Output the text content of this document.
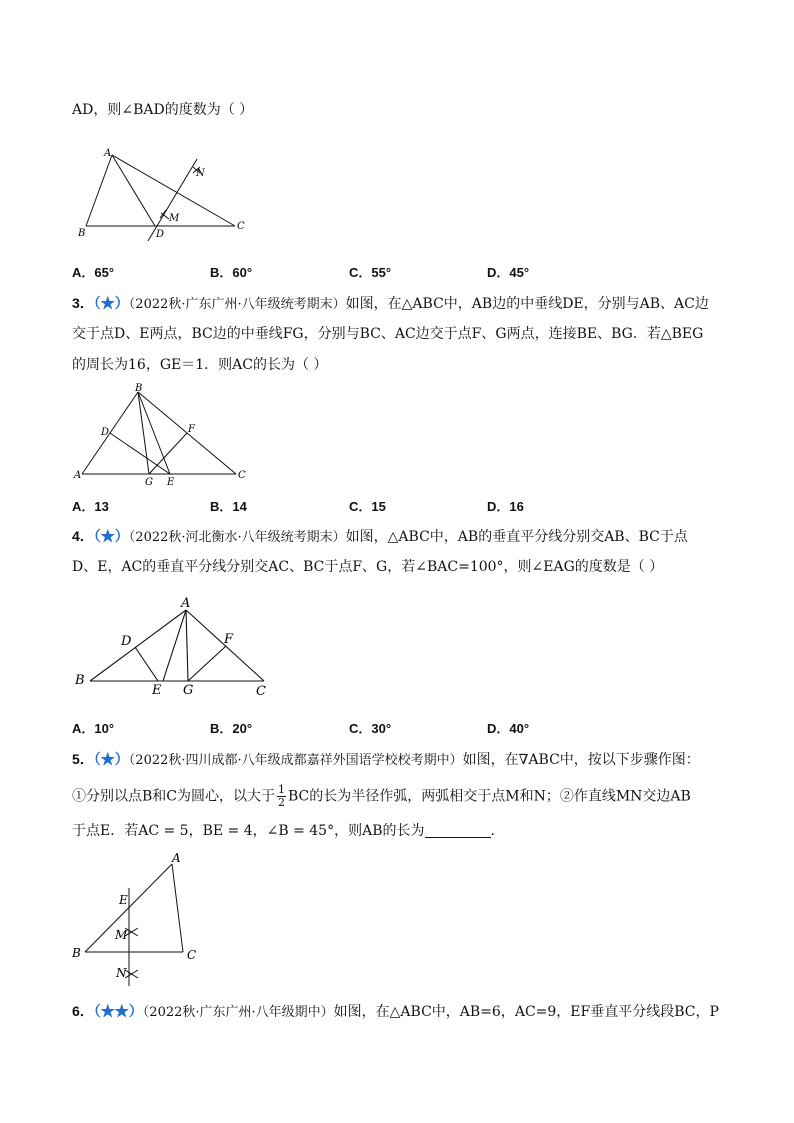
AD，则∠BAD的度数为（ ）
A
B
C
D
M
N
A．65°	B．60°	C．55°	D．45°
3．（★）（2022秋·广东广州·八年级统考期末）如图，在△ABC中，AB边的中垂线DE，分别与AB、AC边
交于点D、E两点，BC边的中垂线FG，分别与BC、AC边交于点F、G两点，连接BE、BG．若△BEG
的周长为16，GE＝1．则AC的长为（ ）
B
D	F
A	C
G E
A．13	B．14	C．15	D．16
4．（★）（2022秋·河北衡水·八年级统考期末）如图，△ABC中，AB的垂直平分线分别交AB、BC于点
D、E，AC的垂直平分线分别交AC、BC于点F、G，若∠BAC=100°，则∠EAG的度数是（ ）
A
D	F
B
E G	C
A．10°	B．20°	C．30°	D．40°
5．（★）（2022秋·四川成都·八年级成都嘉祥外国语学校校考期中）如图，在∇ABC中，按以下步骤作图：
①分别以点B和C为圆心，以大于 $\frac{1}{2}$ BC的长为半径作弧，两弧相交于点M和N；②作直线MN交边AB
于点E．若AC = 5，BE = 4，∠B = 45°，则AB的长为	．
A
E
M
B	C
N
6．（★★）（2022秋·广东广州·八年级期中）如图，在△ABC中，AB=6，AC=9，EF垂直平分线段BC，P
